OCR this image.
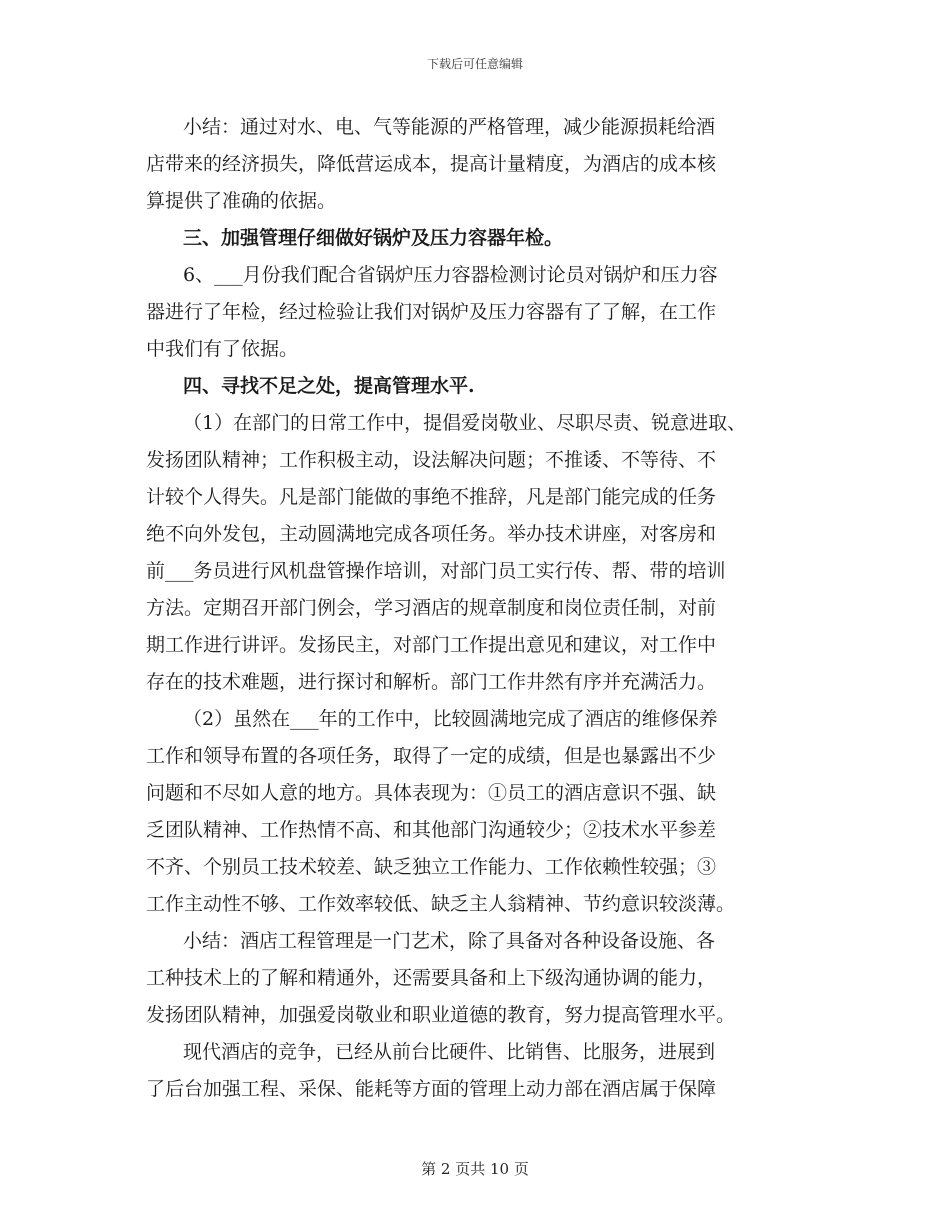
下载后可任意编辑
小结：通过对水、电、气等能源的严格管理，减少能源损耗给酒
店带来的经济损失，降低营运成本，提高计量精度，为酒店的成本核
算提供了准确的依据。
三、加强管理仔细做好锅炉及压力容器年检。
6、___月份我们配合省锅炉压力容器检测讨论员对锅炉和压力容
器进行了年检，经过检验让我们对锅炉及压力容器有了了解，在工作
中我们有了依据。
四、寻找不足之处，提高管理水平.
（1）在部门的日常工作中，提倡爱岗敬业、尽职尽责、锐意进取、
发扬团队精神；工作积极主动，设法解决问题；不推诿、不等待、不
计较个人得失。凡是部门能做的事绝不推辞，凡是部门能完成的任务
绝不向外发包，主动圆满地完成各项任务。举办技术讲座，对客房和
前___务员进行风机盘管操作培训，对部门员工实行传、帮、带的培训
方法。定期召开部门例会，学习酒店的规章制度和岗位责任制，对前
期工作进行讲评。发扬民主，对部门工作提出意见和建议，对工作中
存在的技术难题，进行探讨和解析。部门工作井然有序并充满活力。
（2）虽然在___年的工作中，比较圆满地完成了酒店的维修保养
工作和领导布置的各项任务，取得了一定的成绩，但是也暴露出不少
问题和不尽如人意的地方。具体表现为：①员工的酒店意识不强、缺
乏团队精神、工作热情不高、和其他部门沟通较少；②技术水平参差
不齐、个别员工技术较差、缺乏独立工作能力、工作依赖性较强；③
工作主动性不够、工作效率较低、缺乏主人翁精神、节约意识较淡薄。
小结：酒店工程管理是一门艺术，除了具备对各种设备设施、各
工种技术上的了解和精通外，还需要具备和上下级沟通协调的能力，
发扬团队精神，加强爱岗敬业和职业道德的教育，努力提高管理水平。
现代酒店的竞争，已经从前台比硬件、比销售、比服务，进展到
了后台加强工程、采保、能耗等方面的管理上动力部在酒店属于保障
第 2 页共 10 页
